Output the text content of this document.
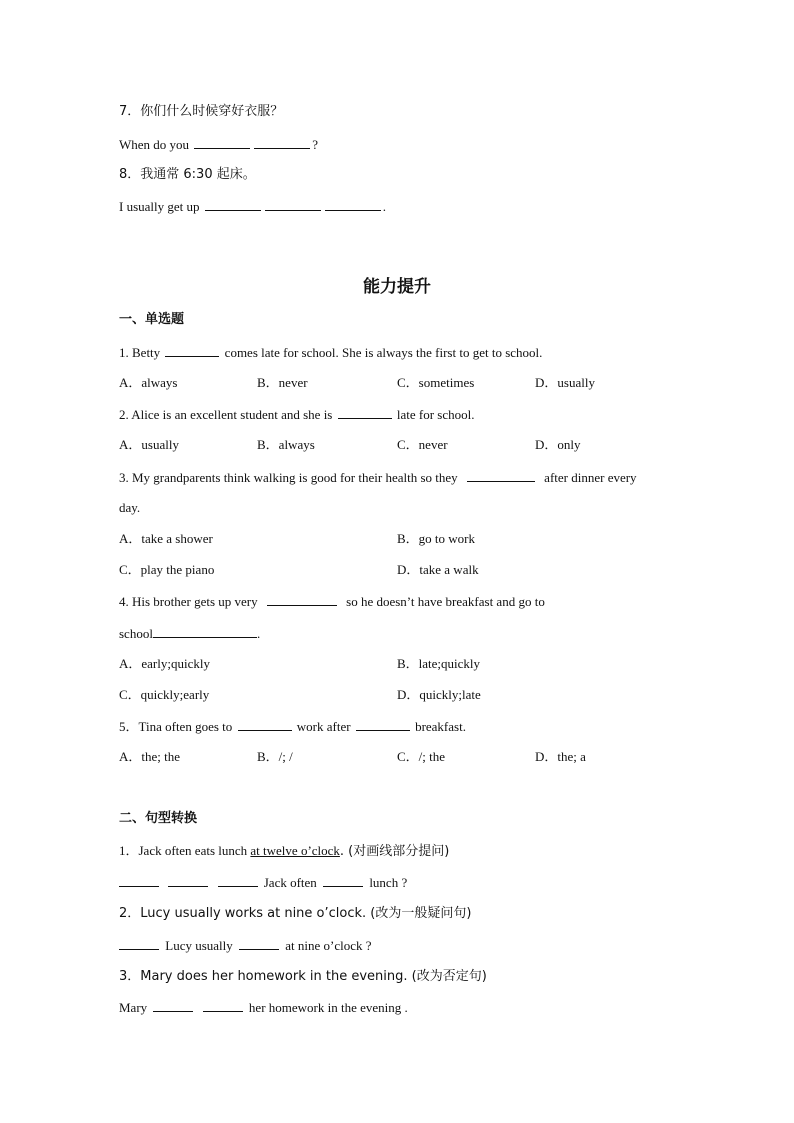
7．你们什么时候穿好衣服？
When do you	?
8．我通常 6:30 起床。
I usually get up	.
能力提升
一、单选题
1. Betty	comes late for school. She is always the first to get to school.
A．always	B．never	C．sometimes	D．usually
2. Alice is an excellent student and she is	late for school.
A．usually	B．always	C．never	D．only
3. My grandparents think walking is good for their health so they	after dinner every
day.
A．take a shower	B．go to work
C．play the piano	D．take a walk
4. His brother gets up very	so he doesn’t have breakfast and go to
school	.
A．early;quickly	B．late;quickly
C．quickly;early	D．quickly;late
5．Tina often goes to	work after	breakfast.
A．the; the	B．/; /	C．/; the	D．the; a
二、句型转换
1．Jack often eats lunch at twelve o’clock. (对画线部分提问)
Jack often	lunch ?
2．Lucy usually works at nine o’clock. (改为一般疑问句)
Lucy usually	at nine o’clock ?
3．Mary does her homework in the evening. (改为否定句)
Mary	her homework in the evening .
